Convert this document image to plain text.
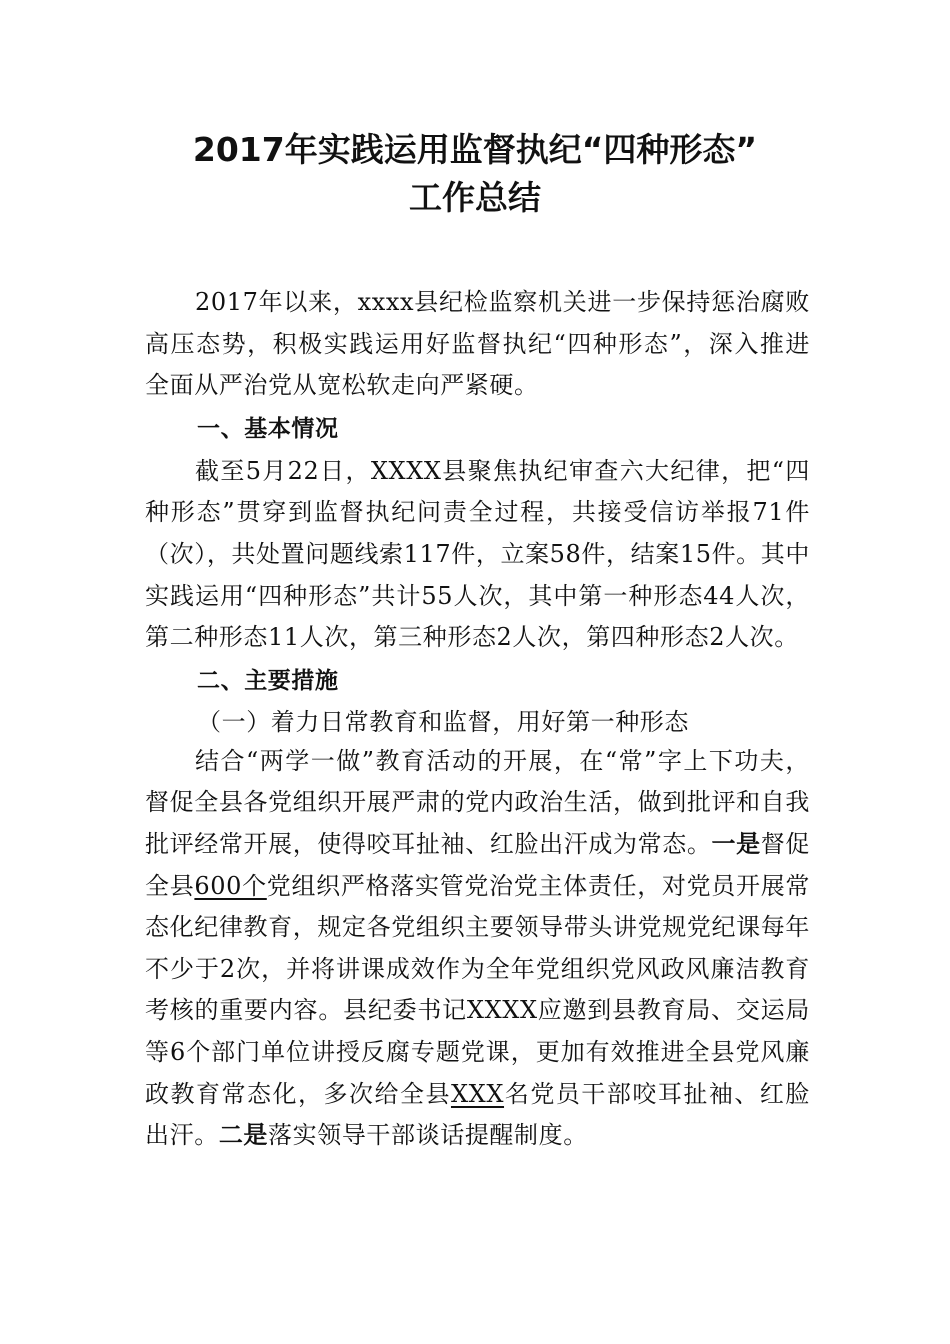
2017年实践运用监督执纪“四种形态”
工作总结

2017年以来，xxxx县纪检监察机关进一步保持惩治腐败高压态势，积极实践运用好监督执纪“四种形态”，深入推进全面从严治党从宽松软走向严紧硬。

一、基本情况

截至5月22日，XXXX县聚焦执纪审查六大纪律，把“四种形态”贯穿到监督执纪问责全过程，共接受信访举报71件（次），共处置问题线索117件，立案58件，结案15件。其中实践运用“四种形态”共计55人次，其中第一种形态44人次，第二种形态11人次，第三种形态2人次，第四种形态2人次。

二、主要措施

（一）着力日常教育和监督，用好第一种形态

结合“两学一做”教育活动的开展，在“常”字上下功夫，督促全县各党组织开展严肃的党内政治生活，做到批评和自我批评经常开展，使得咬耳扯袖、红脸出汗成为常态。一是督促全县600个党组织严格落实管党治党主体责任，对党员开展常态化纪律教育，规定各党组织主要领导带头讲党规党纪课每年不少于2次，并将讲课成效作为全年党组织党风政风廉洁教育考核的重要内容。县纪委书记XXXX应邀到县教育局、交运局等6个部门单位讲授反腐专题党课，更加有效推进全县党风廉政教育常态化，多次给全县XXX名党员干部咬耳扯袖、红脸出汗。二是落实领导干部谈话提醒制度。
